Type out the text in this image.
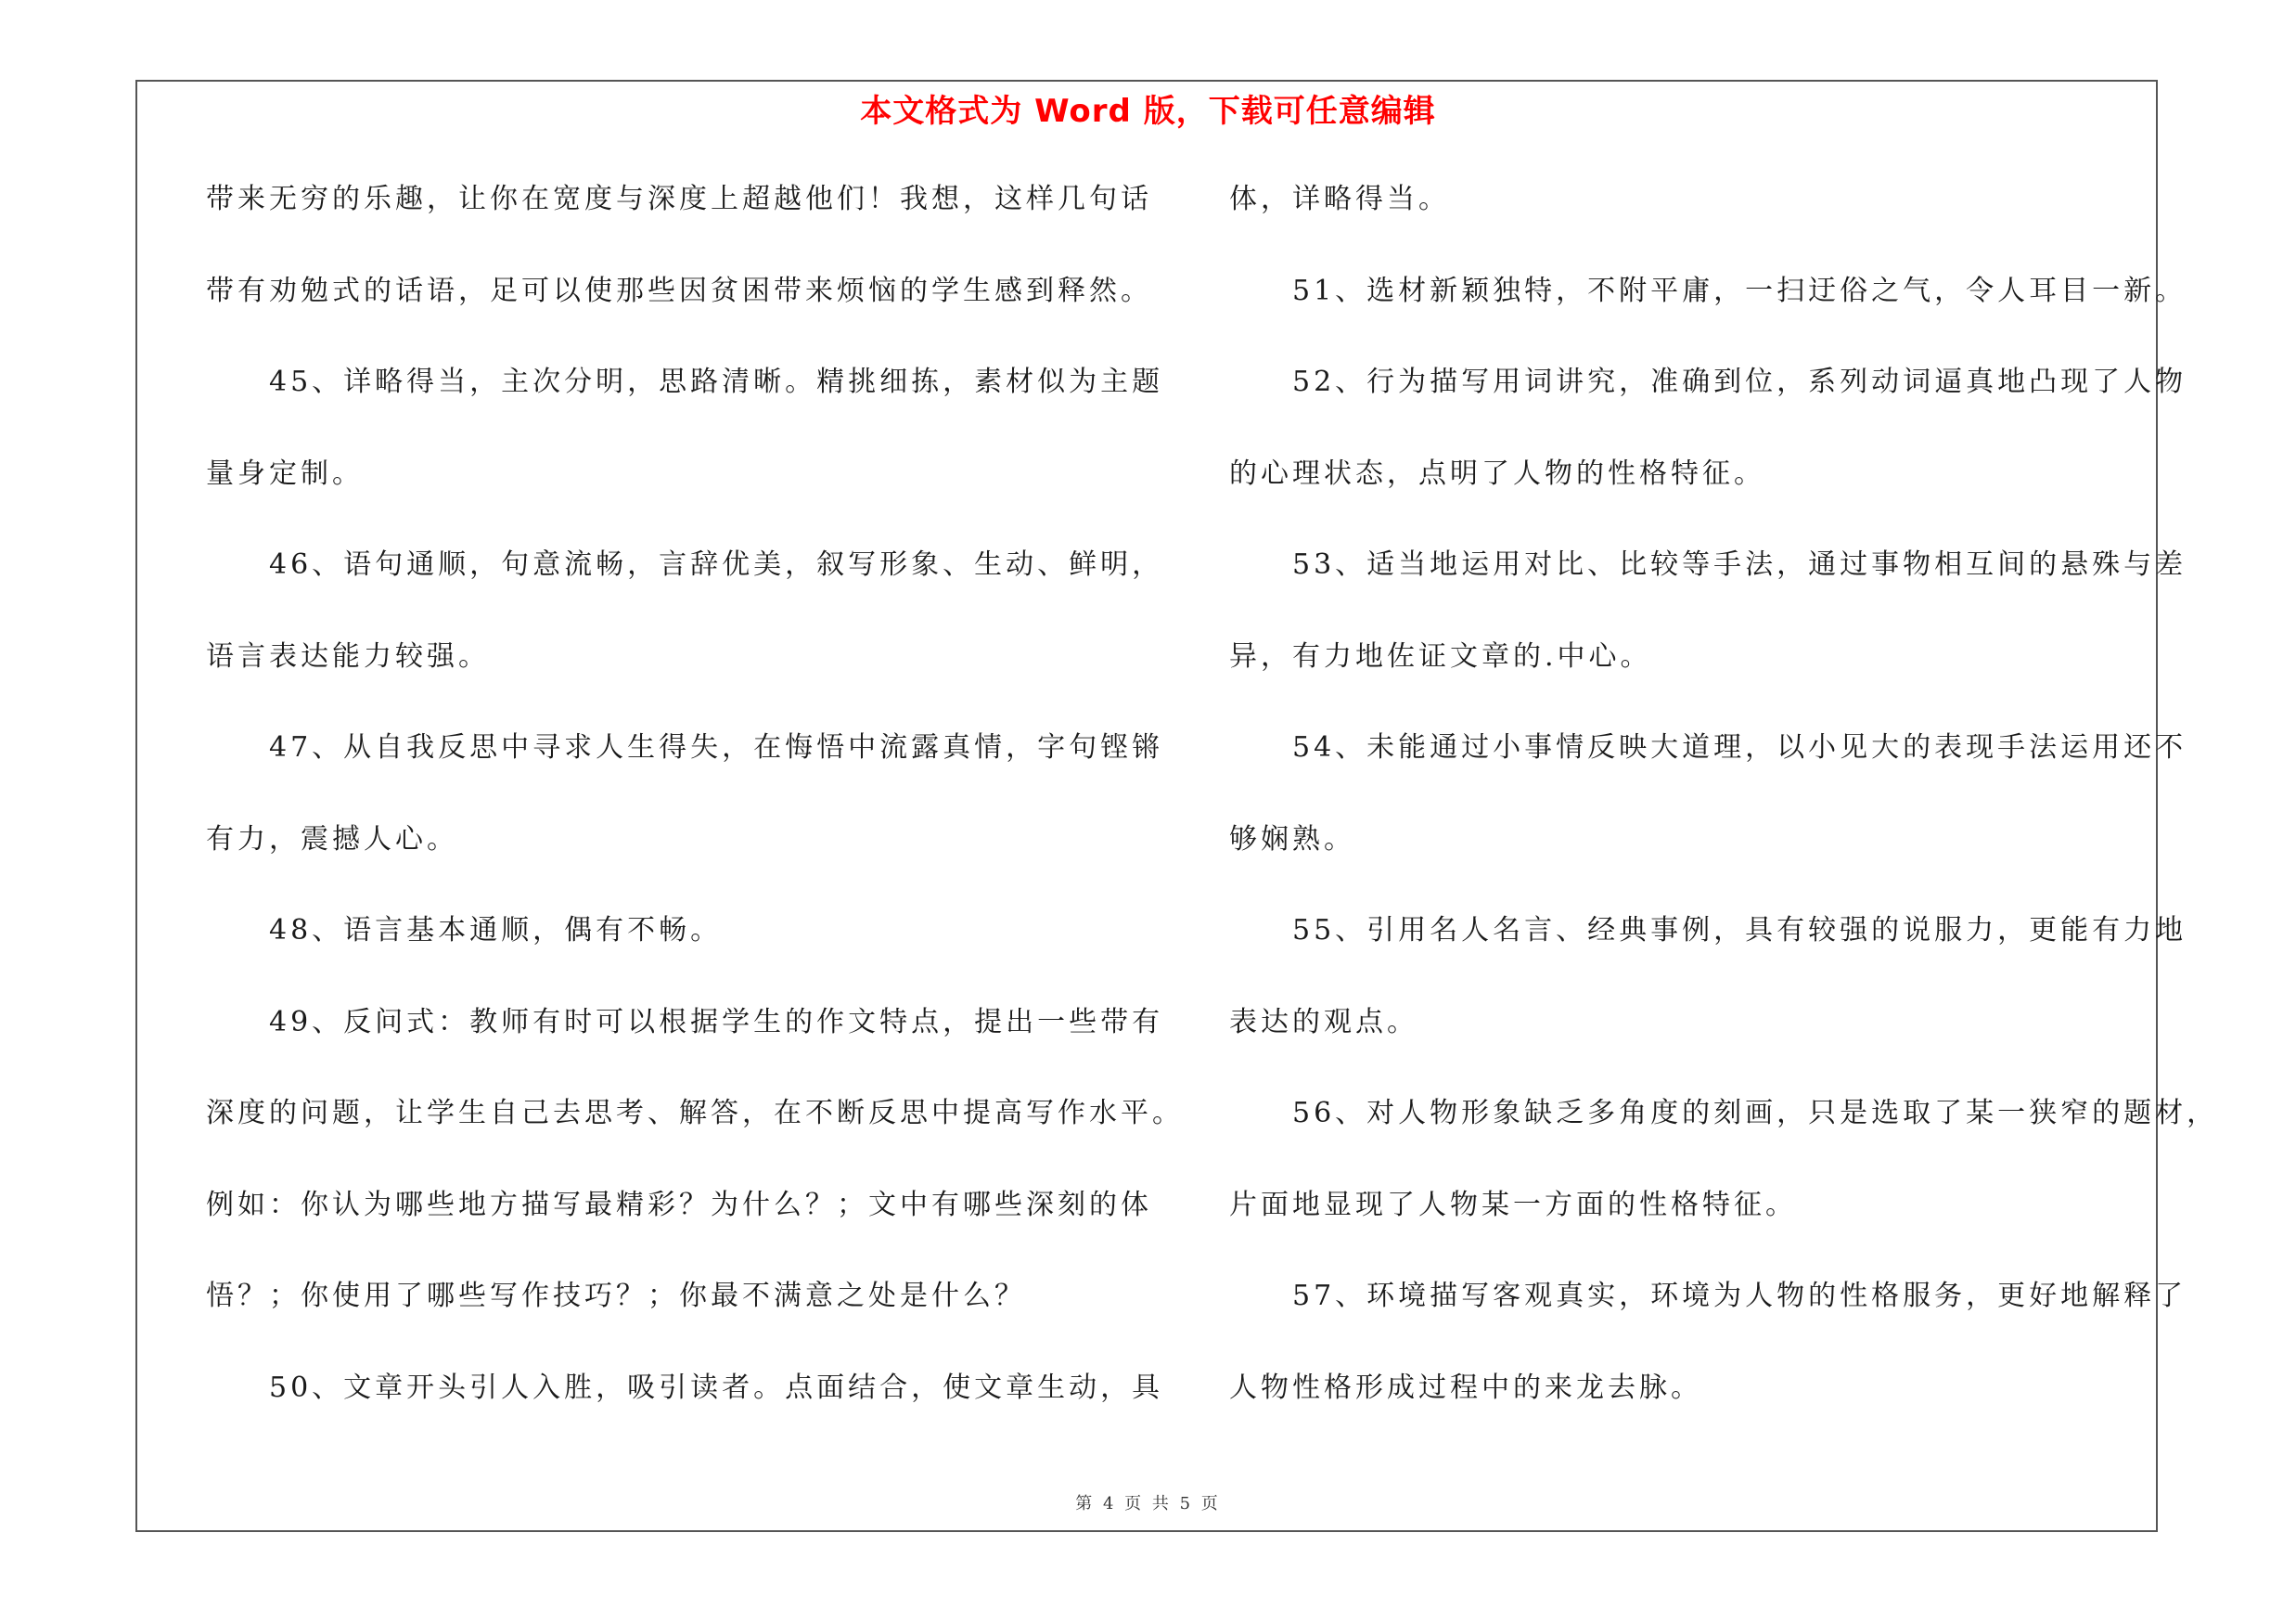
本文格式为 Word 版，下载可任意编辑
带来无穷的乐趣，让你在宽度与深度上超越他们！我想，这样几句话
带有劝勉式的话语，足可以使那些因贫困带来烦恼的学生感到释然。
　　45、详略得当，主次分明，思路清晰。精挑细拣，素材似为主题
量身定制。
　　46、语句通顺，句意流畅，言辞优美，叙写形象、生动、鲜明，
语言表达能力较强。
　　47、从自我反思中寻求人生得失，在悔悟中流露真情，字句铿锵
有力，震撼人心。
　　48、语言基本通顺，偶有不畅。
　　49、反问式：教师有时可以根据学生的作文特点，提出一些带有
深度的问题，让学生自己去思考、解答，在不断反思中提高写作水平。
例如：你认为哪些地方描写最精彩？为什么？；文中有哪些深刻的体
悟？；你使用了哪些写作技巧？；你最不满意之处是什么？
　　50、文章开头引人入胜，吸引读者。点面结合，使文章生动，具
体，详略得当。
　　51、选材新颖独特，不附平庸，一扫迂俗之气，令人耳目一新。
　　52、行为描写用词讲究，准确到位，系列动词逼真地凸现了人物
的心理状态，点明了人物的性格特征。
　　53、适当地运用对比、比较等手法，通过事物相互间的悬殊与差
异，有力地佐证文章的.中心。
　　54、未能通过小事情反映大道理，以小见大的表现手法运用还不
够娴熟。
　　55、引用名人名言、经典事例，具有较强的说服力，更能有力地
表达的观点。
　　56、对人物形象缺乏多角度的刻画，只是选取了某一狭窄的题材，
片面地显现了人物某一方面的性格特征。
　　57、环境描写客观真实，环境为人物的性格服务，更好地解释了
人物性格形成过程中的来龙去脉。
第 4 页 共 5 页
